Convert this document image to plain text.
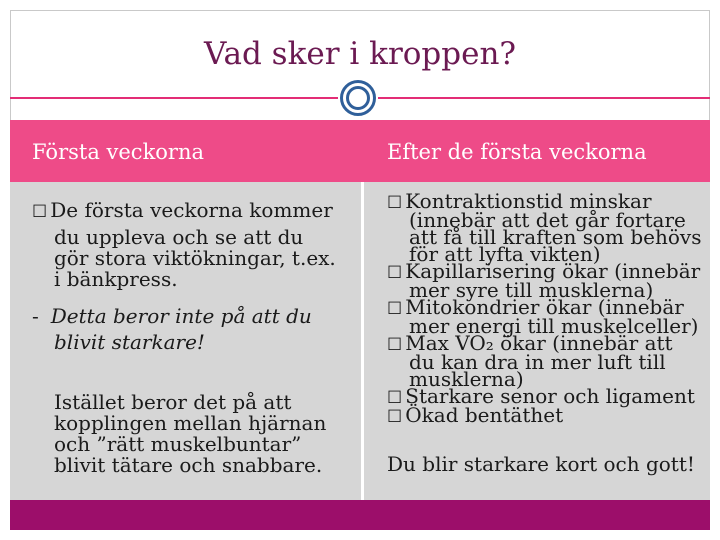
Vad sker i kroppen?
Första veckorna	Efter de första veckorna
☐ De första veckorna kommer
du uppleva och se att du
gör stora viktökningar, t.ex.
i bänkpress.
- Detta beror inte på att du
blivit starkare!
Istället beror det på att
kopplingen mellan hjärnan
och ”rätt muskelbuntar”
blivit tätare och snabbare.
☐ Kontraktionstid minskar
(innebär att det går fortare
att få till kraften som behövs
för att lyfta vikten)
☐ Kapillarisering ökar (innebär
mer syre till musklerna)
☐ Mitokondrier ökar (innebär
mer energi till muskelceller)
☐ Max VO₂ ökar (innebär att
du kan dra in mer luft till
musklerna)
☐ Starkare senor och ligament
☐ Ökad bentäthet
Du blir starkare kort och gott!
